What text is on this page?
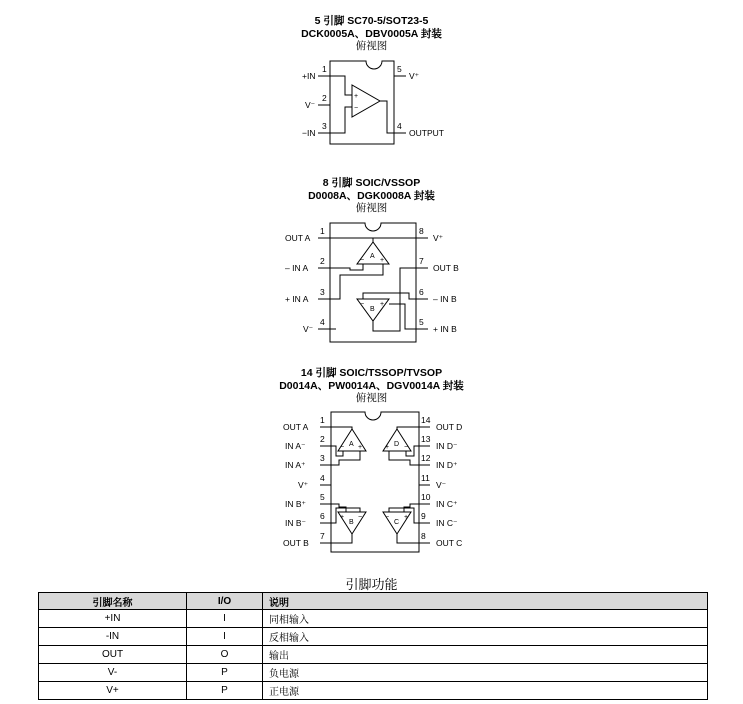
5 引脚 SC70-5/SOT23-5
DCK0005A、DBV0005A 封装
俯视图
8 引脚 SOIC/VSSOP
D0008A、DGK0008A 封装
俯视图
14 引脚 SOIC/TSSOP/TVSOP
D0014A、PW0014A、DGV0014A 封装
俯视图
+IN
1
V⁻
2
−IN
3
5
V⁺
4
OUTPUT
+
−
OUT A
1
– IN A
2
+ IN A
3
V⁻
4
8
V⁺
7
OUT B
6
– IN B
5
+ IN B
A
− +
B
− +
OUT A
1
IN A⁻
2
IN A⁺
3
V⁺
4
IN B⁺
5
IN B⁻
6
OUT B
7
14
OUT D
13
IN D⁻
12
IN D⁺
11
V⁻
10
IN C⁺
9
IN C⁻
8
OUT C
A
− +	D
+ −
B
+ −
C
− +
引脚功能
引脚名称	I/O	说明
+IN	I	同相输入
-IN	I	反相输入
OUT	O	输出
V-	P	负电源
V+	P	正电源
